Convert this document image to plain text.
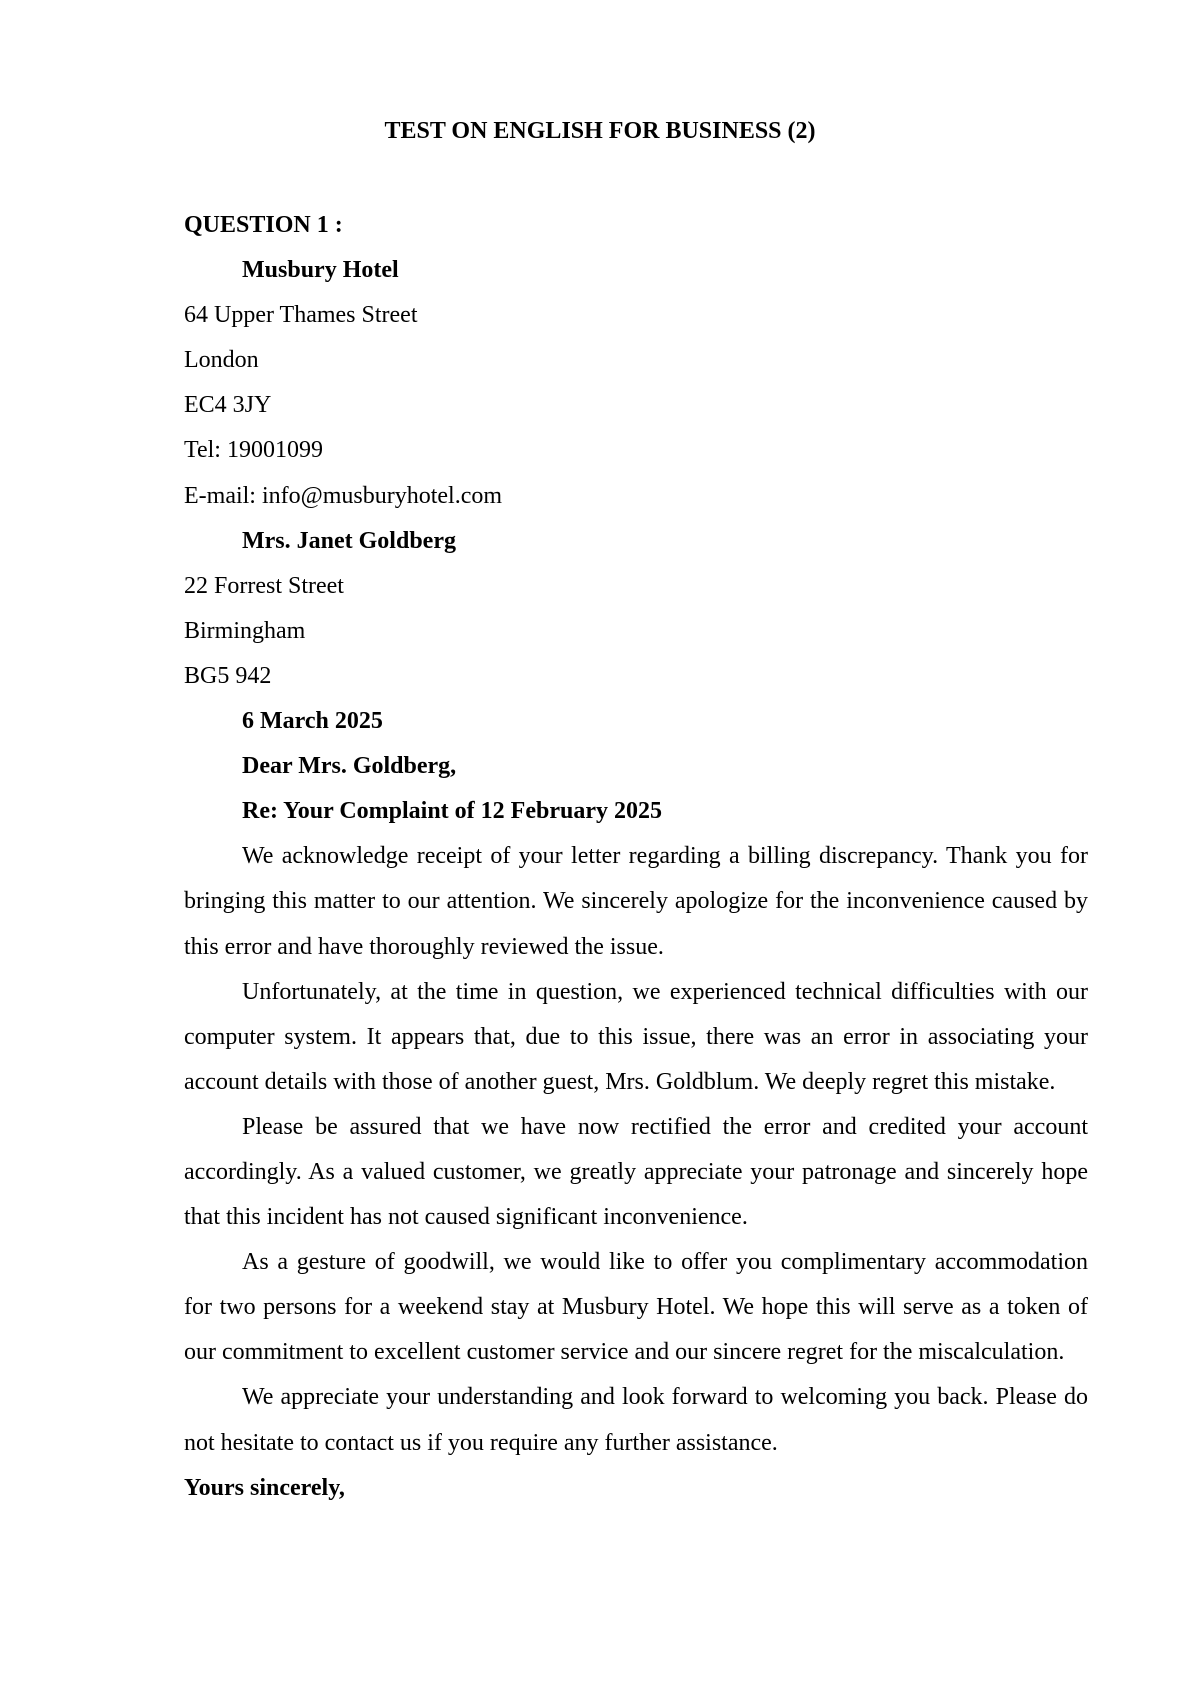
TEST ON ENGLISH FOR BUSINESS (2)
QUESTION 1 :
Musbury Hotel
64 Upper Thames Street
London
EC4 3JY
Tel: 19001099
E-mail: info@musburyhotel.com
Mrs. Janet Goldberg
22 Forrest Street
Birmingham
BG5 942
6 March 2025
Dear Mrs. Goldberg,
Re: Your Complaint of 12 February 2025
We acknowledge receipt of your letter regarding a billing discrepancy. Thank you for bringing this matter to our attention. We sincerely apologize for the inconvenience caused by this error and have thoroughly reviewed the issue.
Unfortunately, at the time in question, we experienced technical difficulties with our computer system. It appears that, due to this issue, there was an error in associating your account details with those of another guest, Mrs. Goldblum. We deeply regret this mistake.
Please be assured that we have now rectified the error and credited your account accordingly. As a valued customer, we greatly appreciate your patronage and sincerely hope that this incident has not caused significant inconvenience.
As a gesture of goodwill, we would like to offer you complimentary accommodation for two persons for a weekend stay at Musbury Hotel. We hope this will serve as a token of our commitment to excellent customer service and our sincere regret for the miscalculation.
We appreciate your understanding and look forward to welcoming you back. Please do not hesitate to contact us if you require any further assistance.
Yours sincerely,
